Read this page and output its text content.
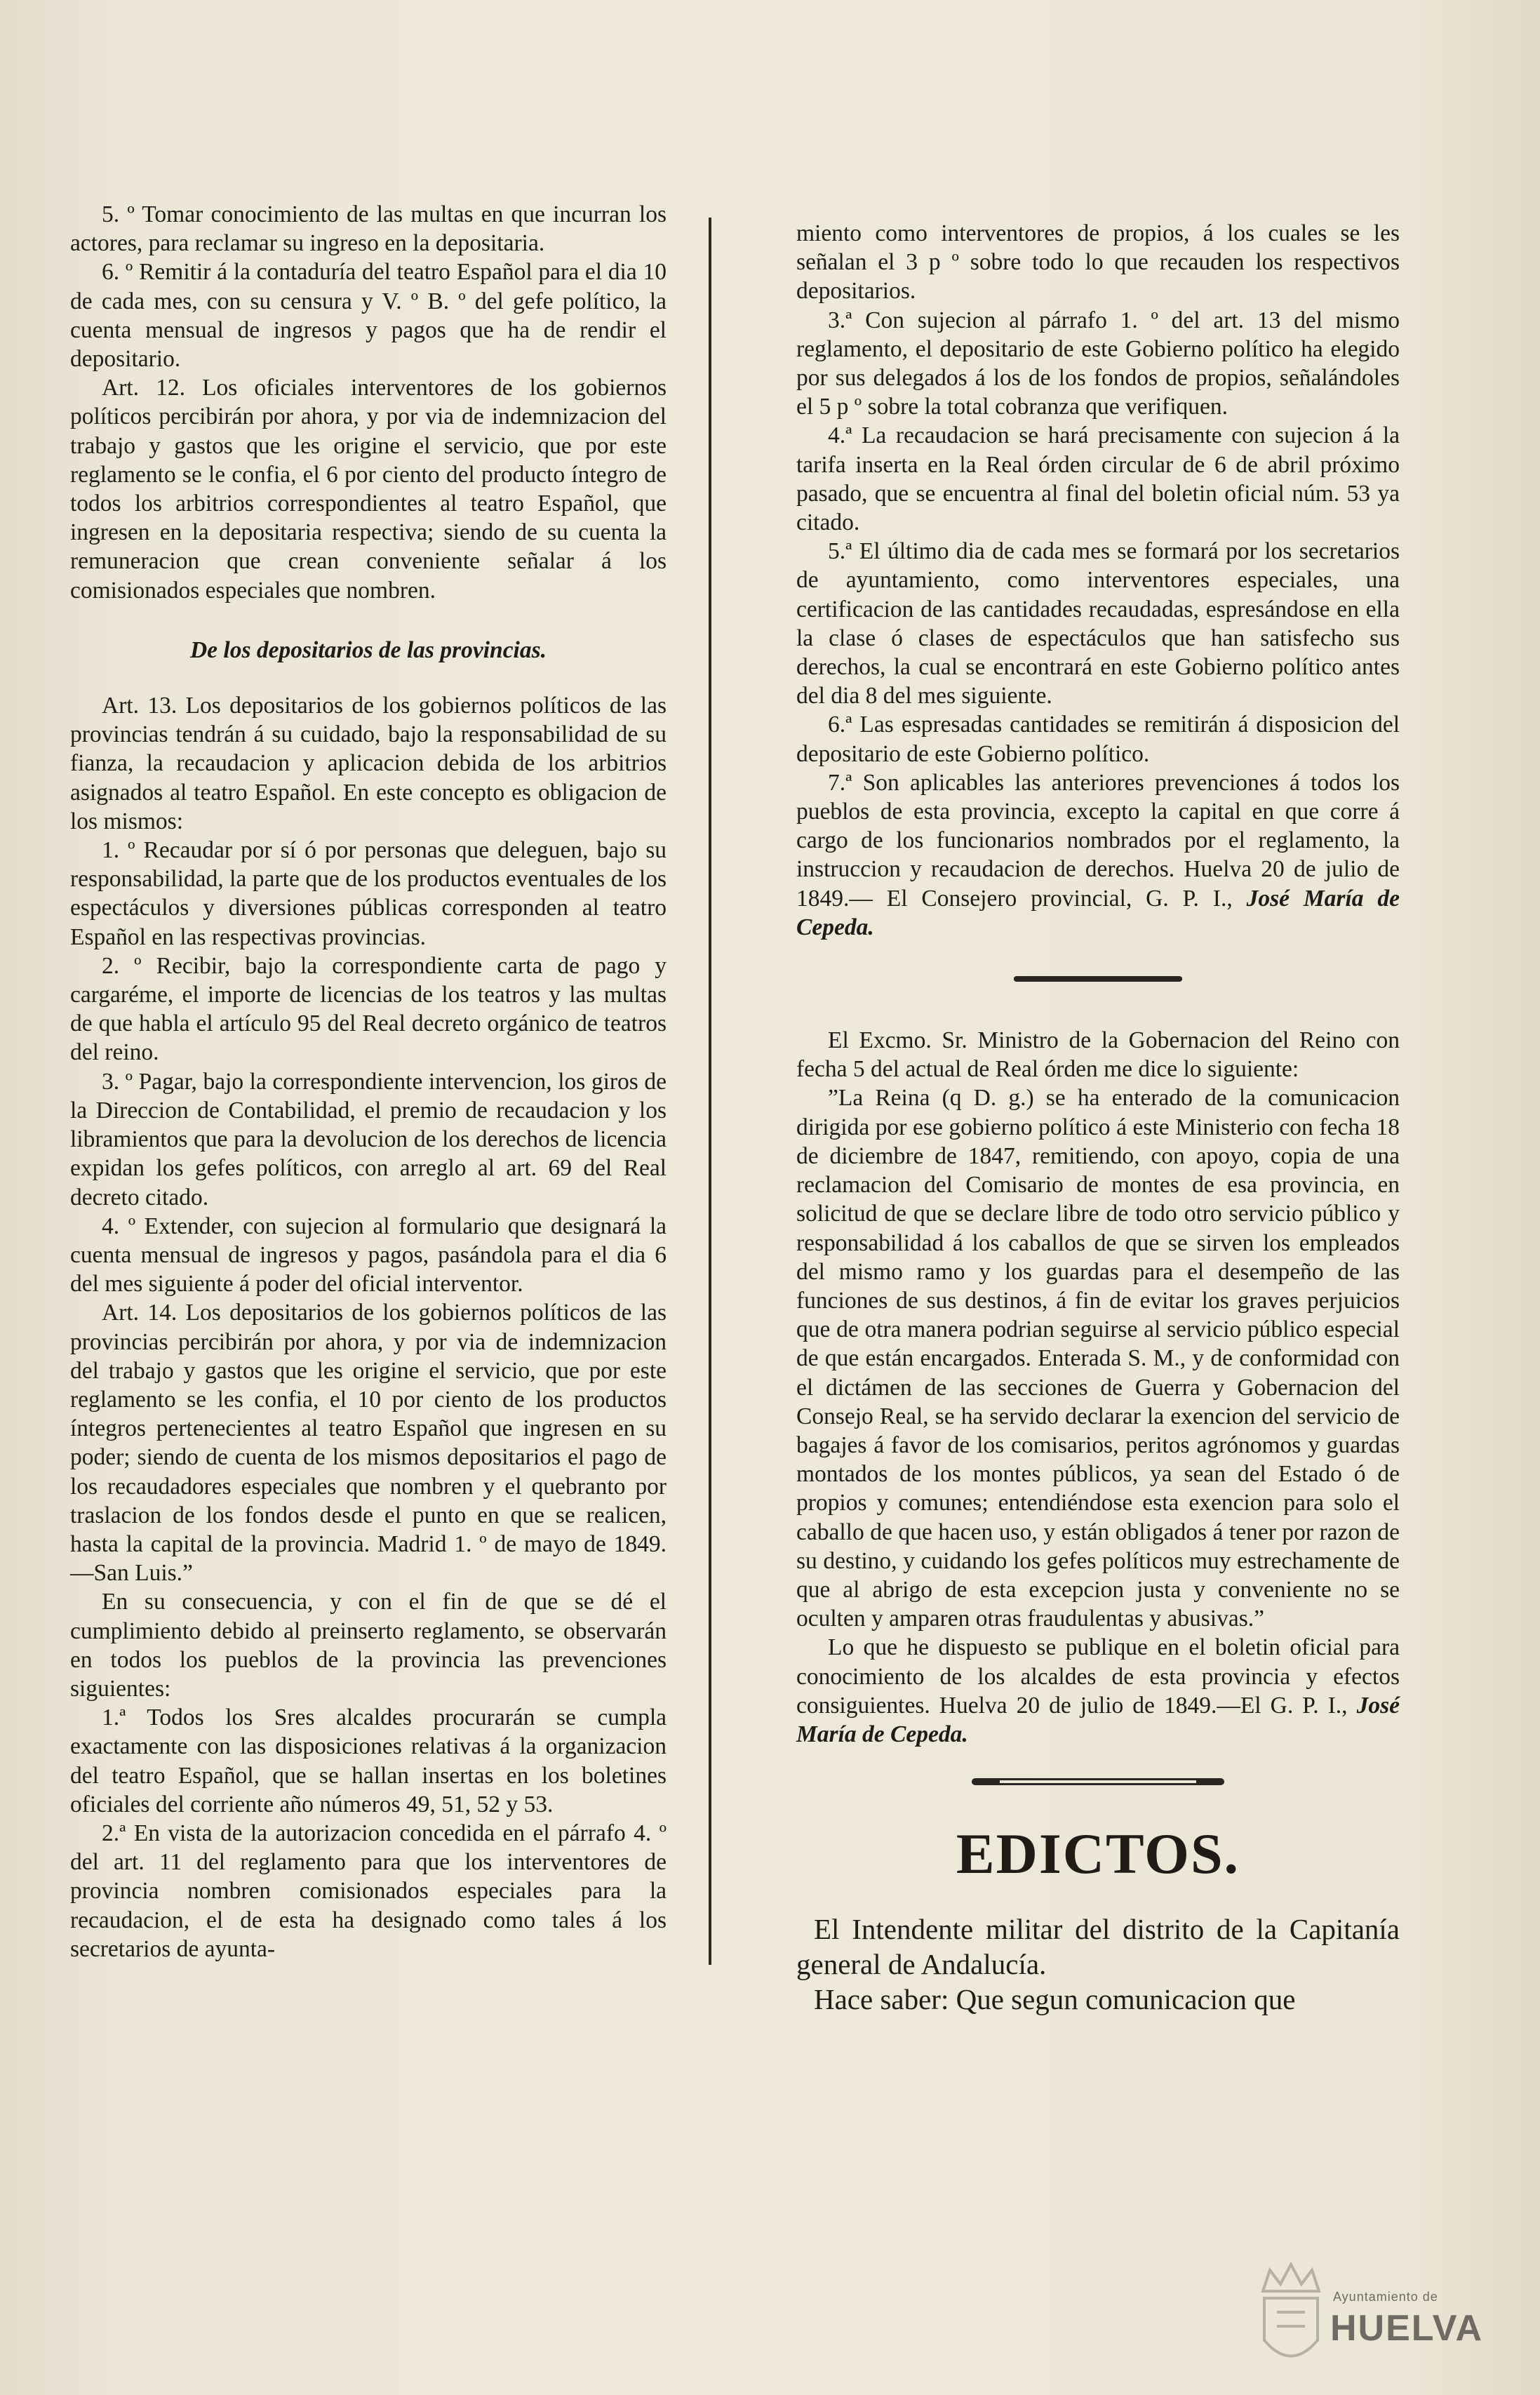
5. º Tomar conocimiento de las multas en que incurran los actores, para reclamar su ingreso en la depositaria.

6. º Remitir á la contaduría del teatro Español para el dia 10 de cada mes, con su censura y V. º B. º del gefe político, la cuenta mensual de ingresos y pagos que ha de rendir el depositario.

Art. 12. Los oficiales interventores de los gobiernos políticos percibirán por ahora, y por via de indemnizacion del trabajo y gastos que les origine el servicio, que por este reglamento se le confia, el 6 por ciento del producto íntegro de todos los arbitrios correspondientes al teatro Español, que ingresen en la depositaria respectiva; siendo de su cuenta la remuneracion que crean conveniente señalar á los comisionados especiales que nombren.

De los depositarios de las provincias.

Art. 13. Los depositarios de los gobiernos políticos de las provincias tendrán á su cuidado, bajo la responsabilidad de su fianza, la recaudacion y aplicacion debida de los arbitrios asignados al teatro Español. En este concepto es obligacion de los mismos:

1. º Recaudar por sí ó por personas que deleguen, bajo su responsabilidad, la parte que de los productos eventuales de los espectáculos y diversiones públicas corresponden al teatro Español en las respectivas provincias.

2. º Recibir, bajo la correspondiente carta de pago y cargaréme, el importe de licencias de los teatros y las multas de que habla el artículo 95 del Real decreto orgánico de teatros del reino.

3. º Pagar, bajo la correspondiente intervencion, los giros de la Direccion de Contabilidad, el premio de recaudacion y los libramientos que para la devolucion de los derechos de licencia expidan los gefes políticos, con arreglo al art. 69 del Real decreto citado.

4. º Extender, con sujecion al formulario que designará la cuenta mensual de ingresos y pagos, pasándola para el dia 6 del mes siguiente á poder del oficial interventor.

Art. 14. Los depositarios de los gobiernos políticos de las provincias percibirán por ahora, y por via de indemnizacion del trabajo y gastos que les origine el servicio, que por este reglamento se les confia, el 10 por ciento de los productos íntegros pertenecientes al teatro Español que ingresen en su poder; siendo de cuenta de los mismos depositarios el pago de los recaudadores especiales que nombren y el quebranto por traslacion de los fondos desde el punto en que se realicen, hasta la capital de la provincia. Madrid 1. º de mayo de 1849.—San Luis.”

En su consecuencia, y con el fin de que se dé el cumplimiento debido al preinserto reglamento, se observarán en todos los pueblos de la provincia las prevenciones siguientes:

1.ª Todos los Sres alcaldes procurarán se cumpla exactamente con las disposiciones relativas á la organizacion del teatro Español, que se hallan insertas en los boletines oficiales del corriente año números 49, 51, 52 y 53.

2.ª En vista de la autorizacion concedida en el párrafo 4. º del art. 11 del reglamento para que los interventores de provincia nombren comisionados especiales para la recaudacion, el de esta ha designado como tales á los secretarios de ayunta-

miento como interventores de propios, á los cuales se les señalan el 3 p º sobre todo lo que recauden los respectivos depositarios.

3.ª Con sujecion al párrafo 1. º del art. 13 del mismo reglamento, el depositario de este Gobierno político ha elegido por sus delegados á los de los fondos de propios, señalándoles el 5 p º sobre la total cobranza que verifiquen.

4.ª La recaudacion se hará precisamente con sujecion á la tarifa inserta en la Real órden circular de 6 de abril próximo pasado, que se encuentra al final del boletin oficial núm. 53 ya citado.

5.ª El último dia de cada mes se formará por los secretarios de ayuntamiento, como interventores especiales, una certificacion de las cantidades recaudadas, espresándose en ella la clase ó clases de espectáculos que han satisfecho sus derechos, la cual se encontrará en este Gobierno político antes del dia 8 del mes siguiente.

6.ª Las espresadas cantidades se remitirán á disposicion del depositario de este Gobierno político.

7.ª Son aplicables las anteriores prevenciones á todos los pueblos de esta provincia, excepto la capital en que corre á cargo de los funcionarios nombrados por el reglamento, la instruccion y recaudacion de derechos. Huelva 20 de julio de 1849.— El Consejero provincial, G. P. I., José María de Cepeda.

El Excmo. Sr. Ministro de la Gobernacion del Reino con fecha 5 del actual de Real órden me dice lo siguiente:

”La Reina (q D. g.) se ha enterado de la comunicacion dirigida por ese gobierno político á este Ministerio con fecha 18 de diciembre de 1847, remitiendo, con apoyo, copia de una reclamacion del Comisario de montes de esa provincia, en solicitud de que se declare libre de todo otro servicio público y responsabilidad á los caballos de que se sirven los empleados del mismo ramo y los guardas para el desempeño de las funciones de sus destinos, á fin de evitar los graves perjuicios que de otra manera podrian seguirse al servicio público especial de que están encargados. Enterada S. M., y de conformidad con el dictámen de las secciones de Guerra y Gobernacion del Consejo Real, se ha servido declarar la exencion del servicio de bagajes á favor de los comisarios, peritos agrónomos y guardas montados de los montes públicos, ya sean del Estado ó de propios y comunes; entendiéndose esta exencion para solo el caballo de que hacen uso, y están obligados á tener por razon de su destino, y cuidando los gefes políticos muy estrechamente de que al abrigo de esta excepcion justa y conveniente no se oculten y amparen otras fraudulentas y abusivas.”

Lo que he dispuesto se publique en el boletin oficial para conocimiento de los alcaldes de esta provincia y efectos consiguientes. Huelva 20 de julio de 1849.—El G. P. I., José María de Cepeda.

EDICTOS.

El Intendente militar del distrito de la Capitanía general de Andalucía.

Hace saber: Que segun comunicacion que

Ayuntamiento de
HUELVA
